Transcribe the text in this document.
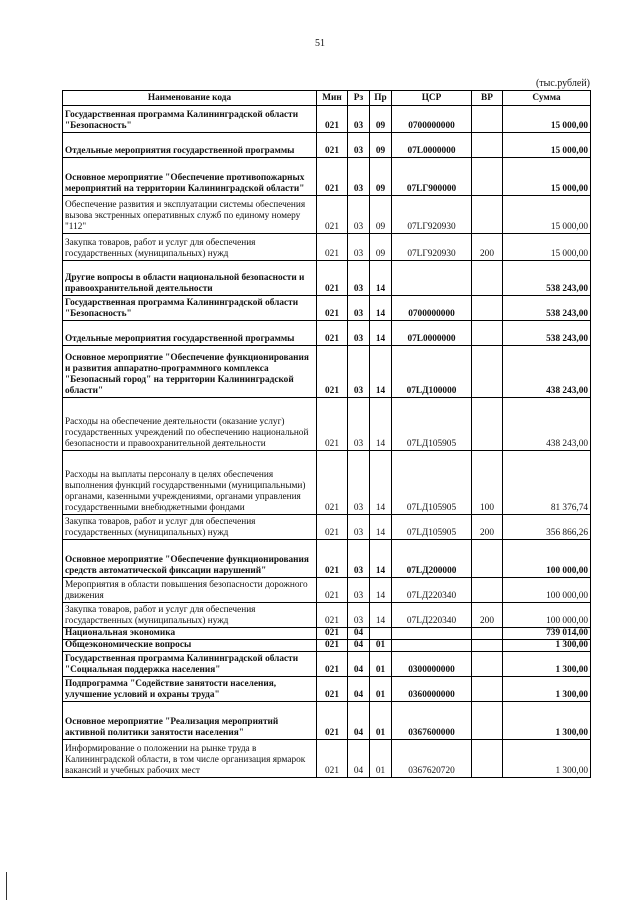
51
(тыс.рублей)
Наименование кода	Мин	Рз	Пр	ЦСР	ВР	Сумма
Государственная программа Калининградской области "Безопасность"	021	03	09	0700000000		15 000,00
Отдельные мероприятия государственной программы	021	03	09	07L0000000		15 000,00
Основное мероприятие "Обеспечение противопожарных мероприятий на территории Калининградской области"	021	03	09	07LГ900000		15 000,00
Обеспечение развития и эксплуатации системы обеспечения вызова экстренных оперативных служб по единому номеру "112"	021	03	09	07LГ920930		15 000,00
Закупка товаров, работ и услуг для обеспечения государственных (муниципальных) нужд	021	03	09	07LГ920930	200	15 000,00
Другие вопросы в области национальной безопасности и правоохранительной деятельности	021	03	14			538 243,00
Государственная программа Калининградской области "Безопасность"	021	03	14	0700000000		538 243,00
Отдельные мероприятия государственной программы	021	03	14	07L0000000		538 243,00
Основное мероприятие "Обеспечение функционирования и развития аппаратно-программного комплекса "Безопасный город" на территории Калининградской области"	021	03	14	07LД100000		438 243,00
Расходы на обеспечение деятельности (оказание услуг) государственных учреждений по обеспечению национальной безопасности и правоохранительной деятельности	021	03	14	07LД105905		438 243,00
Расходы на выплаты персоналу в целях обеспечения выполнения функций государственными (муниципальными) органами, казенными учреждениями, органами управления государственными внебюджетными фондами	021	03	14	07LД105905	100	81 376,74
Закупка товаров, работ и услуг для обеспечения государственных (муниципальных) нужд	021	03	14	07LД105905	200	356 866,26
Основное мероприятие "Обеспечение функционирования средств автоматической фиксации нарушений"	021	03	14	07LД200000		100 000,00
Мероприятия в области повышения безопасности дорожного движения	021	03	14	07LД220340		100 000,00
Закупка товаров, работ и услуг для обеспечения государственных (муниципальных) нужд	021	03	14	07LД220340	200	100 000,00
Национальная экономика	021	04				739 014,00
Общеэкономические вопросы	021	04	01			1 300,00
Государственная программа Калининградской области "Социальная поддержка населения"	021	04	01	0300000000		1 300,00
Подпрограмма "Содействие занятости населения, улучшение условий и охраны труда"	021	04	01	0360000000		1 300,00
Основное мероприятие "Реализация мероприятий активной политики занятости населения"	021	04	01	0367600000		1 300,00
Информирование о положении на рынке труда в Калининградской области, в том числе организация ярмарок вакансий и учебных рабочих мест	021	04	01	0367620720		1 300,00
